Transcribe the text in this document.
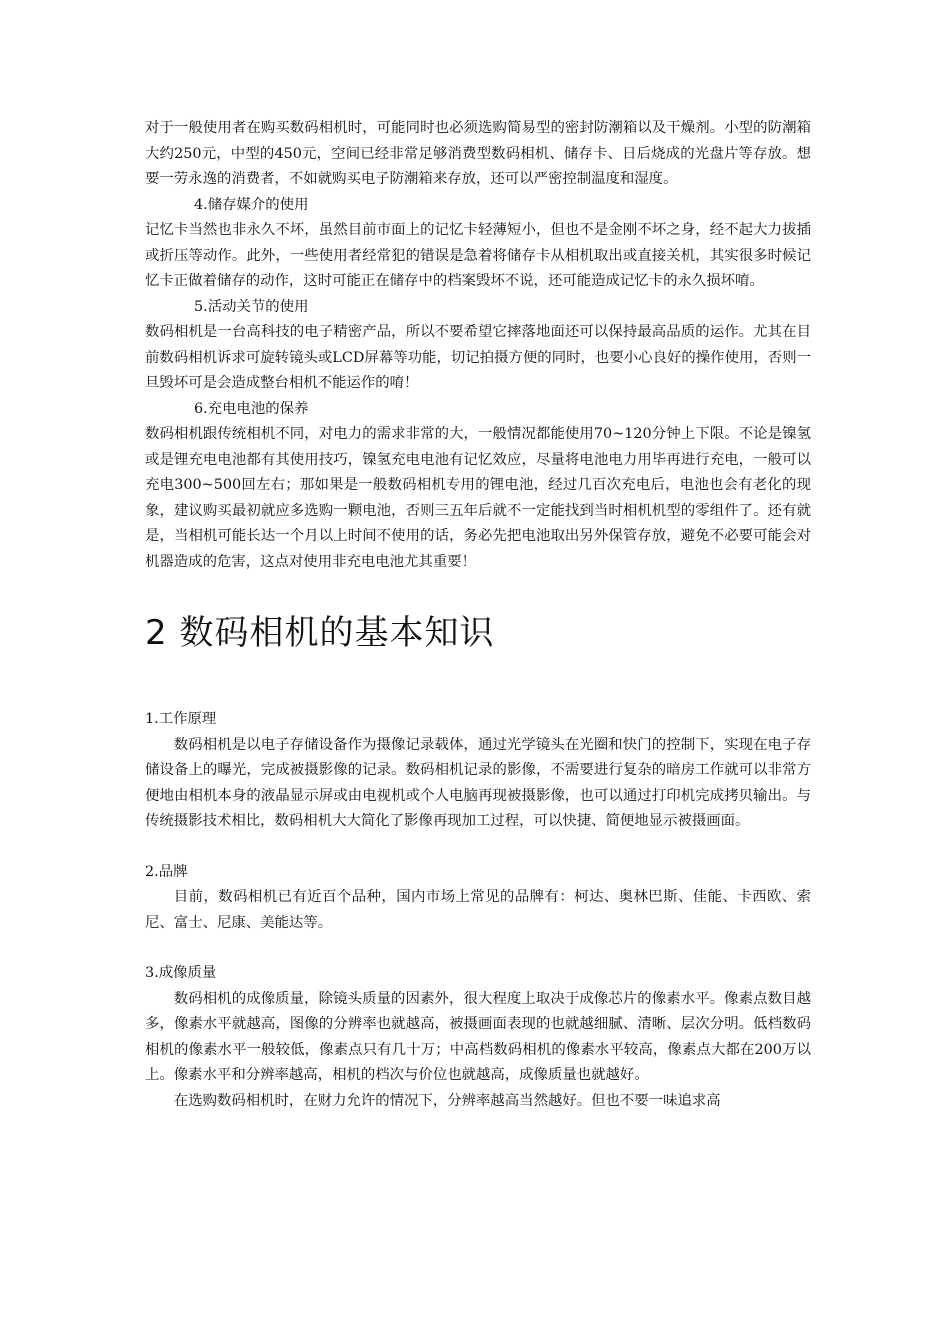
对于一般使用者在购买数码相机时，可能同时也必须选购简易型的密封防潮箱以及干燥剂。小型的防潮箱大约250元，中型的450元，空间已经非常足够消费型数码相机、储存卡、日后烧成的光盘片等存放。想要一劳永逸的消费者，不如就购买电子防潮箱来存放，还可以严密控制温度和湿度。

4.储存媒介的使用

记忆卡当然也非永久不坏，虽然目前市面上的记忆卡轻薄短小，但也不是金刚不坏之身，经不起大力拔插或折压等动作。此外，一些使用者经常犯的错误是急着将储存卡从相机取出或直接关机，其实很多时候记忆卡正做着储存的动作，这时可能正在储存中的档案毁坏不说，还可能造成记忆卡的永久损坏唷。

5.活动关节的使用

数码相机是一台高科技的电子精密产品，所以不要希望它摔落地面还可以保持最高品质的运作。尤其在目前数码相机诉求可旋转镜头或LCD屏幕等功能，切记拍摄方便的同时，也要小心良好的操作使用，否则一旦毁坏可是会造成整台相机不能运作的唷！

6.充电电池的保养

数码相机跟传统相机不同，对电力的需求非常的大，一般情况都能使用70~120分钟上下限。不论是镍氢或是锂充电电池都有其使用技巧，镍氢充电电池有记忆效应，尽量将电池电力用毕再进行充电，一般可以充电300~500回左右；那如果是一般数码相机专用的锂电池，经过几百次充电后，电池也会有老化的现象，建议购买最初就应多选购一颗电池，否则三五年后就不一定能找到当时相机机型的零组件了。还有就是，当相机可能长达一个月以上时间不使用的话，务必先把电池取出另外保管存放，避免不必要可能会对机器造成的危害，这点对使用非充电电池尤其重要！

2 数码相机的基本知识

1.工作原理

数码相机是以电子存储设备作为摄像记录载体，通过光学镜头在光圈和快门的控制下，实现在电子存储设备上的曝光，完成被摄影像的记录。数码相机记录的影像，不需要进行复杂的暗房工作就可以非常方便地由相机本身的液晶显示屏或由电视机或个人电脑再现被摄影像，也可以通过打印机完成拷贝输出。与传统摄影技术相比，数码相机大大简化了影像再现加工过程，可以快捷、简便地显示被摄画面。

2.品牌

目前，数码相机已有近百个品种，国内市场上常见的品牌有：柯达、奥林巴斯、佳能、卡西欧、索尼、富士、尼康、美能达等。

3.成像质量

数码相机的成像质量，除镜头质量的因素外，很大程度上取决于成像芯片的像素水平。像素点数目越多，像素水平就越高，图像的分辨率也就越高，被摄画面表现的也就越细腻、清晰、层次分明。低档数码相机的像素水平一般较低，像素点只有几十万；中高档数码相机的像素水平较高，像素点大都在200万以上。像素水平和分辨率越高，相机的档次与价位也就越高，成像质量也就越好。

在选购数码相机时，在财力允许的情况下，分辨率越高当然越好。但也不要一味追求高
